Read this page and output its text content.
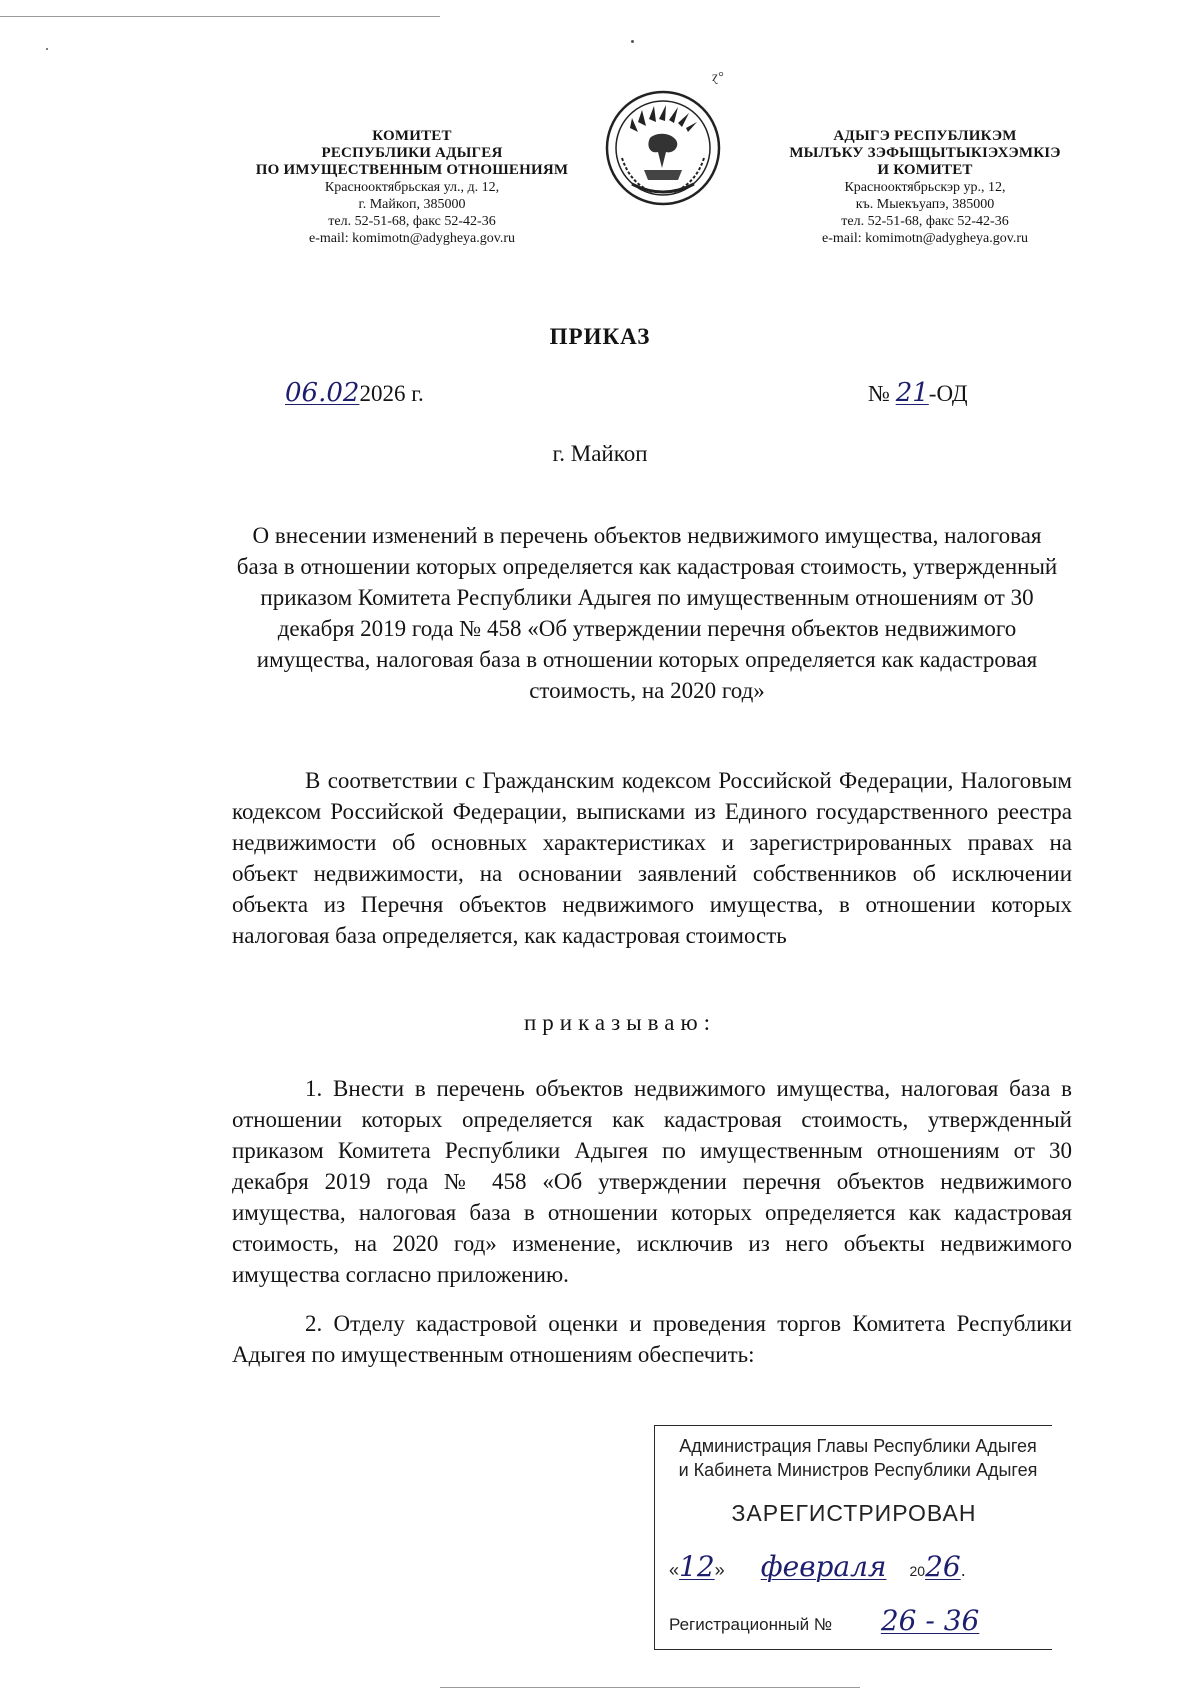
КОМИТЕТ
РЕСПУБЛИКИ АДЫГЕЯ
ПО ИМУЩЕСТВЕННЫМ ОТНОШЕНИЯМ
Краснооктябрьская ул., д. 12,
г. Майкоп, 385000
тел. 52-51-68, факс 52-42-36
e-mail: komimotn@adygheya.gov.ru
ɀ°
АДЫГЭ РЕСПУБЛИКЭМ
МЫЛЪКУ ЗЭФЫЩЫТЫКІЭХЭМКІЭ
И КОМИТЕТ
Краснооктябрьскэр ур., 12,
къ. Мыекъуапэ, 385000
тел. 52-51-68, факс 52-42-36
e-mail: komimotn@adygheya.gov.ru
ПРИКАЗ
06.022026 г.	№ 21-ОД
г. Майкоп
О внесении изменений в перечень объектов недвижимого имущества, налоговая база в отношении которых определяется как кадастровая стоимость, утвержденный приказом Комитета Республики Адыгея по имущественным отношениям от 30 декабря 2019 года № 458 «Об утверждении перечня объектов недвижимого имущества, налоговая база в отношении которых определяется как кадастровая стоимость, на 2020 год»
В соответствии с Гражданским кодексом Российской Федерации, Налоговым кодексом Российской Федерации, выписками из Единого государственного реестра недвижимости об основных характеристиках и зарегистрированных правах на объект недвижимости, на основании заявлений собственников об исключении объекта из Перечня объектов недвижимого имущества, в отношении которых налоговая база определяется, как кадастровая стоимость
приказываю:
1. Внести в перечень объектов недвижимого имущества, налоговая база в отношении которых определяется как кадастровая стоимость, утвержденный приказом Комитета Республики Адыгея по имущественным отношениям от 30 декабря 2019 года № 458 «Об утверждении перечня объектов недвижимого имущества, налоговая база в отношении которых определяется как кадастровая стоимость, на 2020 год» изменение, исключив из него объекты недвижимого имущества согласно приложению.
2. Отделу кадастровой оценки и проведения торгов Комитета Республики Адыгея по имущественным отношениям обеспечить:
Администрация Главы Республики Адыгея
и Кабинета Министров Республики Адыгея
ЗАРЕГИСТРИРОВАН
«12» февраля 2026.
Регистрационный № 26 - 36
